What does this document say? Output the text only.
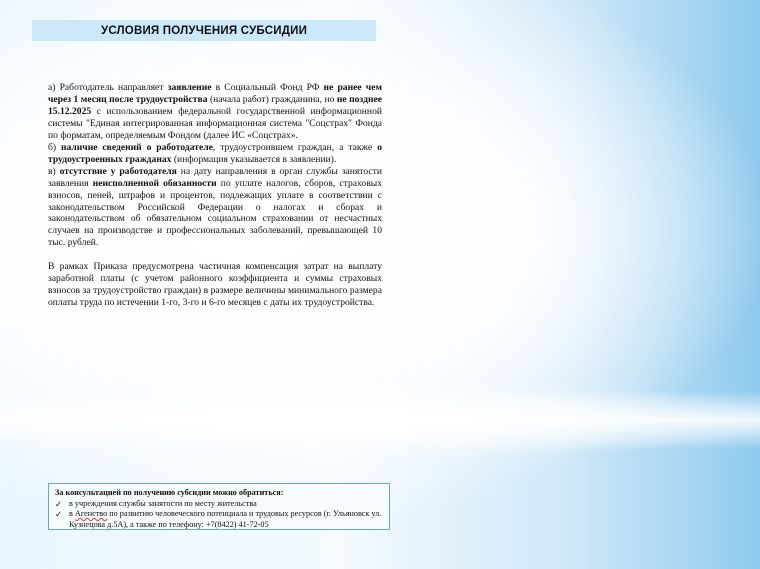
УСЛОВИЯ ПОЛУЧЕНИЯ СУБСИДИИ

а) Работодатель направляет заявление в Социальный Фонд РФ не ранее чем через 1 месяц после трудоустройства (начала работ) гражданина, но не позднее 15.12.2025 с использованием федеральной государственной информационной системы "Единая интегрированная информационная система "Соцстрах" Фонда по форматам, определяемым Фондом (далее ИС «Соцстрах».

б) наличие сведений о работодателе, трудоустроившем граждан, а также о трудоустроенных гражданах (информация указывается в заявлении).

в) отсутствие у работодателя на дату направления в орган службы занятости заявления неисполненной обязанности по уплате налогов, сборов, страховых взносов, пеней, штрафов и процентов, подлежащих уплате в соответствии с законодательством Российской Федерации о налогах и сборах и законодательством об обязательном социальном страховании от несчастных случаев на производстве и профессиональных заболеваний, превышающей 10 тыс. рублей.

В рамках Приказа предусмотрена частичная компенсация затрат на выплату заработной платы (с учетом районного коэффициента и суммы страховых взносов за трудоустройство граждан) в размере величины минимального размера оплаты труда по истечении 1-го, 3-го и 6-го месяцев с даты их трудоустройства.

За консультацией по получению субсидии можно обратиться:
✓ в учреждения службы занятости по месту жительства
✓ в Агенство по развитию человеческого потенциала и трудовых ресурсов (г. Ульяновск ул. Кузнецова д.5А), а также по телефону: +7(8422) 41-72-05
